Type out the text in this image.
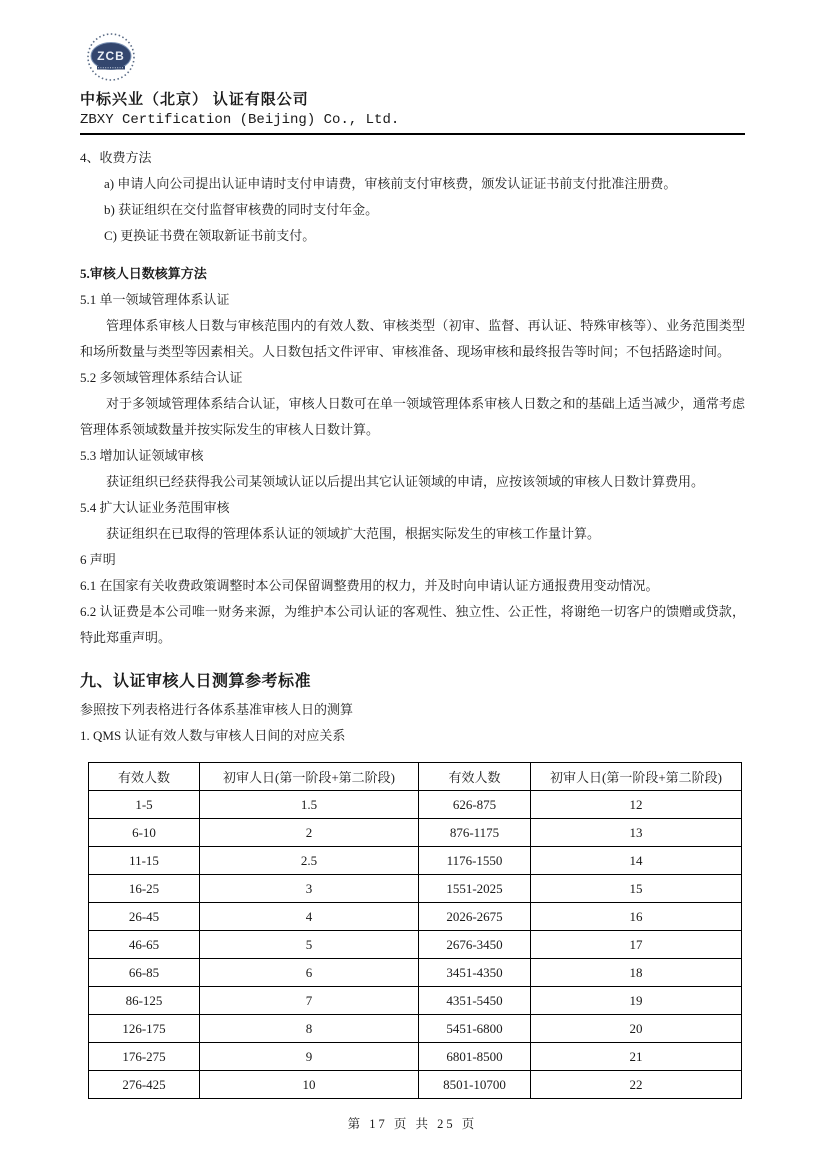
ZCB
中标兴业（北京） 认证有限公司
ZBXY Certification (Beijing) Co., Ltd.
4、收费方法
a) 申请人向公司提出认证申请时支付申请费，审核前支付审核费，颁发认证证书前支付批准注册费。
b) 获证组织在交付监督审核费的同时支付年金。
C) 更换证书费在领取新证书前支付。
5.审核人日数核算方法
5.1 单一领域管理体系认证
管理体系审核人日数与审核范围内的有效人数、审核类型（初审、监督、再认证、特殊审核等）、业务范围类型和场所数量与类型等因素相关。人日数包括文件评审、审核准备、现场审核和最终报告等时间；不包括路途时间。
5.2 多领域管理体系结合认证
对于多领域管理体系结合认证，审核人日数可在单一领域管理体系审核人日数之和的基础上适当减少，通常考虑管理体系领域数量并按实际发生的审核人日数计算。
5.3 增加认证领域审核
获证组织已经获得我公司某领域认证以后提出其它认证领域的申请，应按该领域的审核人日数计算费用。
5.4 扩大认证业务范围审核
获证组织在已取得的管理体系认证的领域扩大范围，根据实际发生的审核工作量计算。
6 声明
6.1 在国家有关收费政策调整时本公司保留调整费用的权力，并及时向申请认证方通报费用变动情况。
6.2 认证费是本公司唯一财务来源，为维护本公司认证的客观性、独立性、公正性，将谢绝一切客户的馈赠或贷款，特此郑重声明。
九、认证审核人日测算参考标准
参照按下列表格进行各体系基准审核人日的测算
1. QMS 认证有效人数与审核人日间的对应关系
有效人数	初审人日(第一阶段+第二阶段)	有效人数	初审人日(第一阶段+第二阶段)
1-5	1.5	626-875	12
6-10	2	876-1175	13
11-15	2.5	1176-1550	14
16-25	3	1551-2025	15
26-45	4	2026-2675	16
46-65	5	2676-3450	17
66-85	6	3451-4350	18
86-125	7	4351-5450	19
126-175	8	5451-6800	20
176-275	9	6801-8500	21
276-425	10	8501-10700	22
第 17 页 共 25 页
